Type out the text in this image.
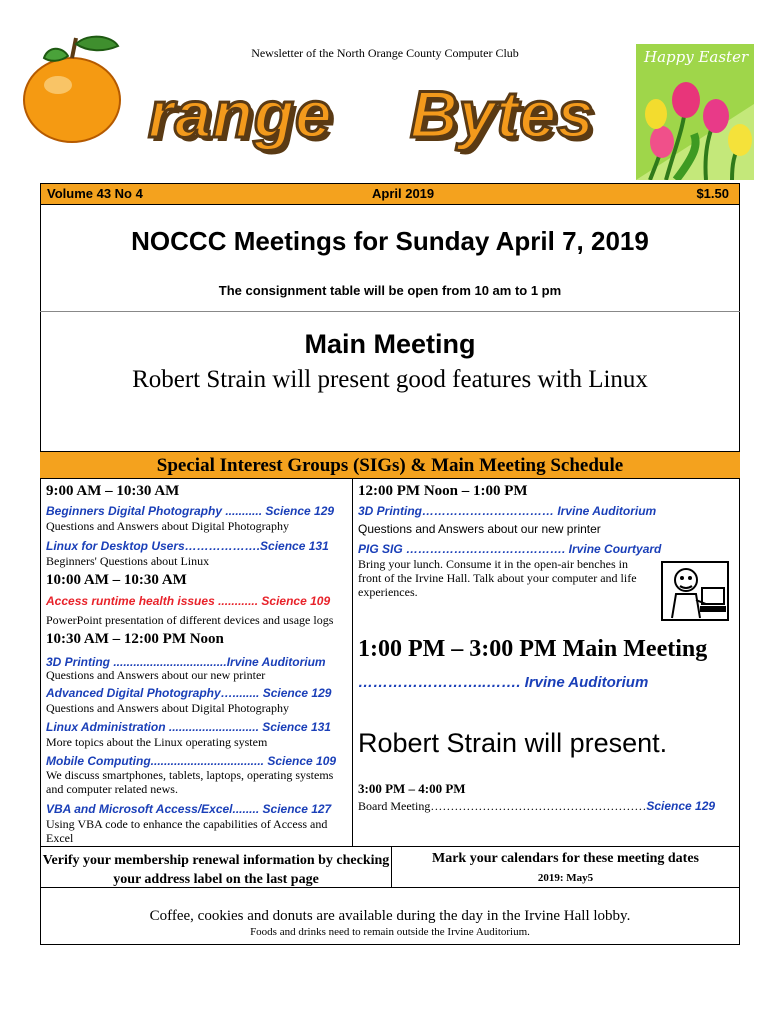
Newsletter of the North Orange County Computer Club
range Bytes
Happy Easter
Volume 43 No 4	April 2019	$1.50
NOCCC Meetings for Sunday April 7, 2019
The consignment table will be open from 10 am to 1 pm
Main Meeting
Robert Strain will present good features with Linux
Special Interest Groups (SIGs) & Main Meeting Schedule
9:00 AM – 10:30 AM
Beginners Digital Photography ........... Science 129
Questions and Answers about Digital Photography
Linux for Desktop Users……………….Science 131
Beginners' Questions about Linux
10:00 AM – 10:30 AM
Access runtime health issues ............ Science 109
PowerPoint presentation of different devices and usage logs
10:30 AM – 12:00 PM Noon
3D Printing ..................................Irvine Auditorium
Questions and Answers about our new printer
Advanced Digital Photography…........ Science 129
Questions and Answers about Digital Photography
Linux Administration ........................... Science 131
More topics about the Linux operating system
Mobile Computing.................................. Science 109
We discuss smartphones, tablets, laptops, operating systems and computer related news.
VBA and Microsoft Access/Excel........ Science 127
Using VBA code to enhance the capabilities of Access and Excel
12:00 PM Noon – 1:00 PM
3D Printing…………………………… Irvine Auditorium
Questions and Answers about our new printer
PIG SIG …………………………………. Irvine Courtyard
Bring your lunch. Consume it in the open-air benches in front of the Irvine Hall. Talk about your computer and life experiences.
1:00 PM – 3:00 PM Main Meeting
……………………..……. Irvine Auditorium
Robert Strain will present.
3:00 PM – 4:00 PM
Board Meeting………………………………………………Science 129
Verify your membership renewal information by checking your address label on the last page
Mark your calendars for these meeting dates
2019: May5
Coffee, cookies and donuts are available during the day in the Irvine Hall lobby.
Foods and drinks need to remain outside the Irvine Auditorium.
